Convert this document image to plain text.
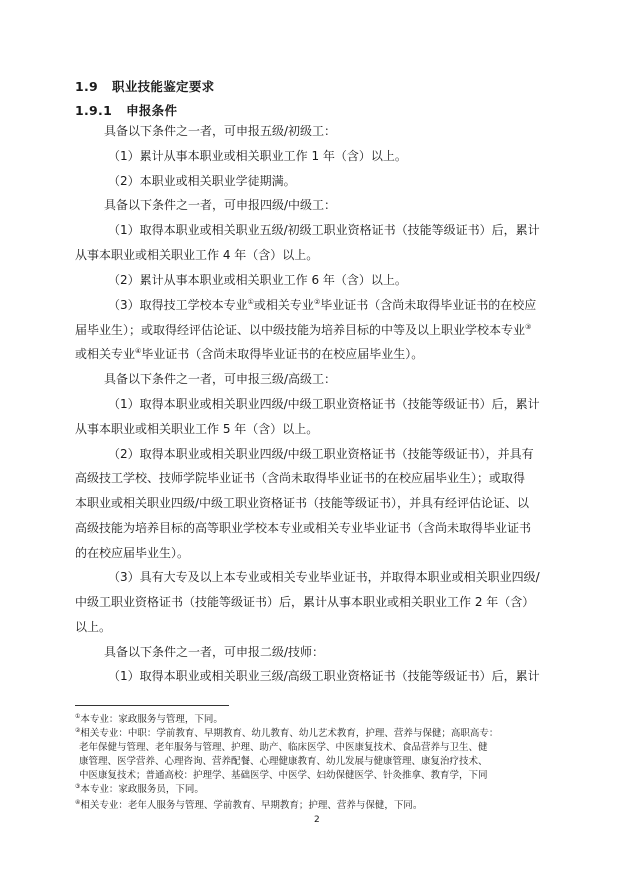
1.9 职业技能鉴定要求
1.9.1 申报条件
具备以下条件之一者，可申报五级/初级工：
（1）累计从事本职业或相关职业工作 1 年（含）以上。
（2）本职业或相关职业学徒期满。
具备以下条件之一者，可申报四级/中级工：
（1）取得本职业或相关职业五级/初级工职业资格证书（技能等级证书）后，累计
从事本职业或相关职业工作 4 年（含）以上。
（2）累计从事本职业或相关职业工作 6 年（含）以上。
（3）取得技工学校本专业①或相关专业②毕业证书（含尚未取得毕业证书的在校应
届毕业生）；或取得经评估论证、以中级技能为培养目标的中等及以上职业学校本专业③
或相关专业④毕业证书（含尚未取得毕业证书的在校应届毕业生）。
具备以下条件之一者，可申报三级/高级工：
（1）取得本职业或相关职业四级/中级工职业资格证书（技能等级证书）后，累计
从事本职业或相关职业工作 5 年（含）以上。
（2）取得本职业或相关职业四级/中级工职业资格证书（技能等级证书），并具有
高级技工学校、技师学院毕业证书（含尚未取得毕业证书的在校应届毕业生）；或取得
本职业或相关职业四级/中级工职业资格证书（技能等级证书），并具有经评估论证、以
高级技能为培养目标的高等职业学校本专业或相关专业毕业证书（含尚未取得毕业证书
的在校应届毕业生）。
（3）具有大专及以上本专业或相关专业毕业证书，并取得本职业或相关职业四级/
中级工职业资格证书（技能等级证书）后，累计从事本职业或相关职业工作 2 年（含）
以上。
具备以下条件之一者，可申报二级/技师：
（1）取得本职业或相关职业三级/高级工职业资格证书（技能等级证书）后，累计
①本专业：家政服务与管理，下同。
②相关专业：中职：学前教育、早期教育、幼儿教育、幼儿艺术教育，护理、营养与保健；高职高专：
老年保健与管理、老年服务与管理、护理、助产、临床医学、中医康复技术、食品营养与卫生、健
康管理、医学营养、心理咨询、营养配餐、心理健康教育、幼儿发展与健康管理、康复治疗技术、
中医康复技术；普通高校：护理学、基础医学、中医学、妇幼保健医学、针灸推拿、教育学，下同
③本专业：家政服务员，下同。
④相关专业：老年人服务与管理、学前教育、早期教育；护理、营养与保健，下同。
2
